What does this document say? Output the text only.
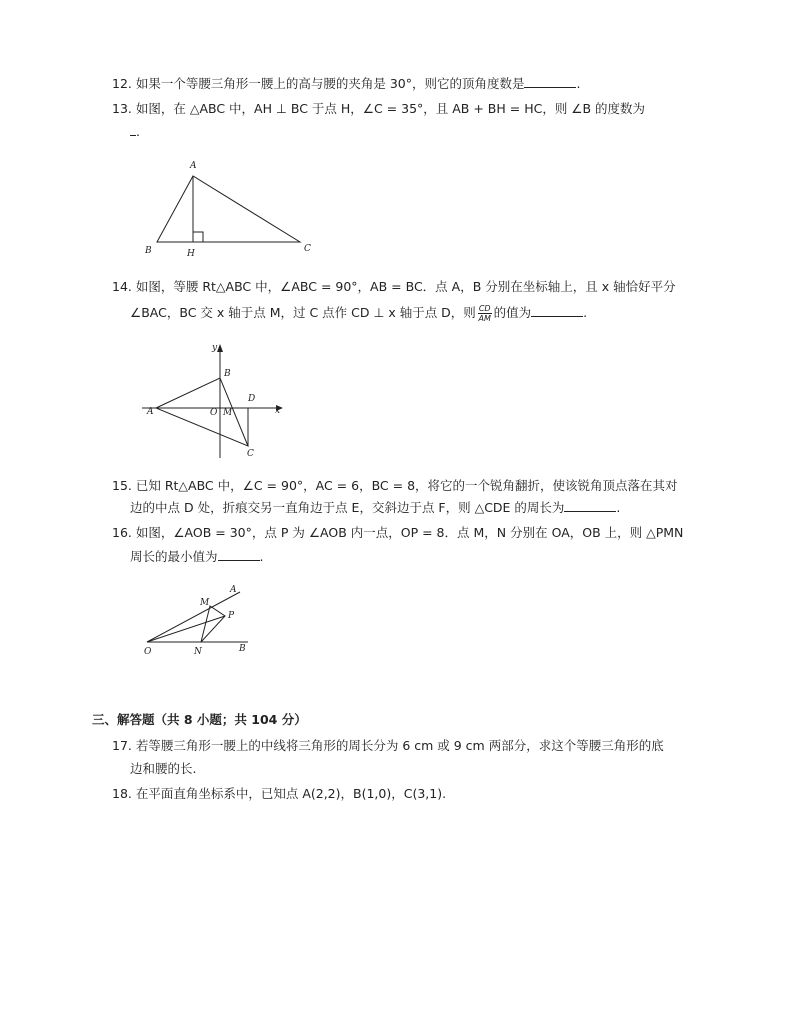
12. 如果一个等腰三角形一腰上的高与腰的夹角是 30°，则它的顶角度数是	.
13. 如图，在 △ABC 中，AH ⊥ BC 于点 H，∠C = 35°，且 AB + BH = HC，则 ∠B 的度数为
.
A
B	H	C
14. 如图，等腰 Rt△ABC 中，∠ABC = 90°，AB = BC．点 A，B 分别在坐标轴上，且 x 轴恰好平分
∠BAC，BC 交 x 轴于点 M，过 C 点作 CD ⊥ x 轴于点 D，则 $\frac{CD}{AM}$ 的值为	.
y
x
A
B
O M
D
C
15. 已知 Rt△ABC 中，∠C = 90°，AC = 6，BC = 8，将它的一个锐角翻折，使该锐角顶点落在其对
边的中点 D 处，折痕交另一直角边于点 E，交斜边于点 F，则 △CDE 的周长为	.
16. 如图，∠AOB = 30°，点 P 为 ∠AOB 内一点，OP = 8．点 M，N 分别在 OA，OB 上，则 △PMN
周长的最小值为	.
A
M
P
O	N	B
三、解答题（共 8 小题；共 104 分）
17. 若等腰三角形一腰上的中线将三角形的周长分为 6 cm 或 9 cm 两部分，求这个等腰三角形的底
边和腰的长.
18. 在平面直角坐标系中，已知点 A(2,2)，B(1,0)，C(3,1).
